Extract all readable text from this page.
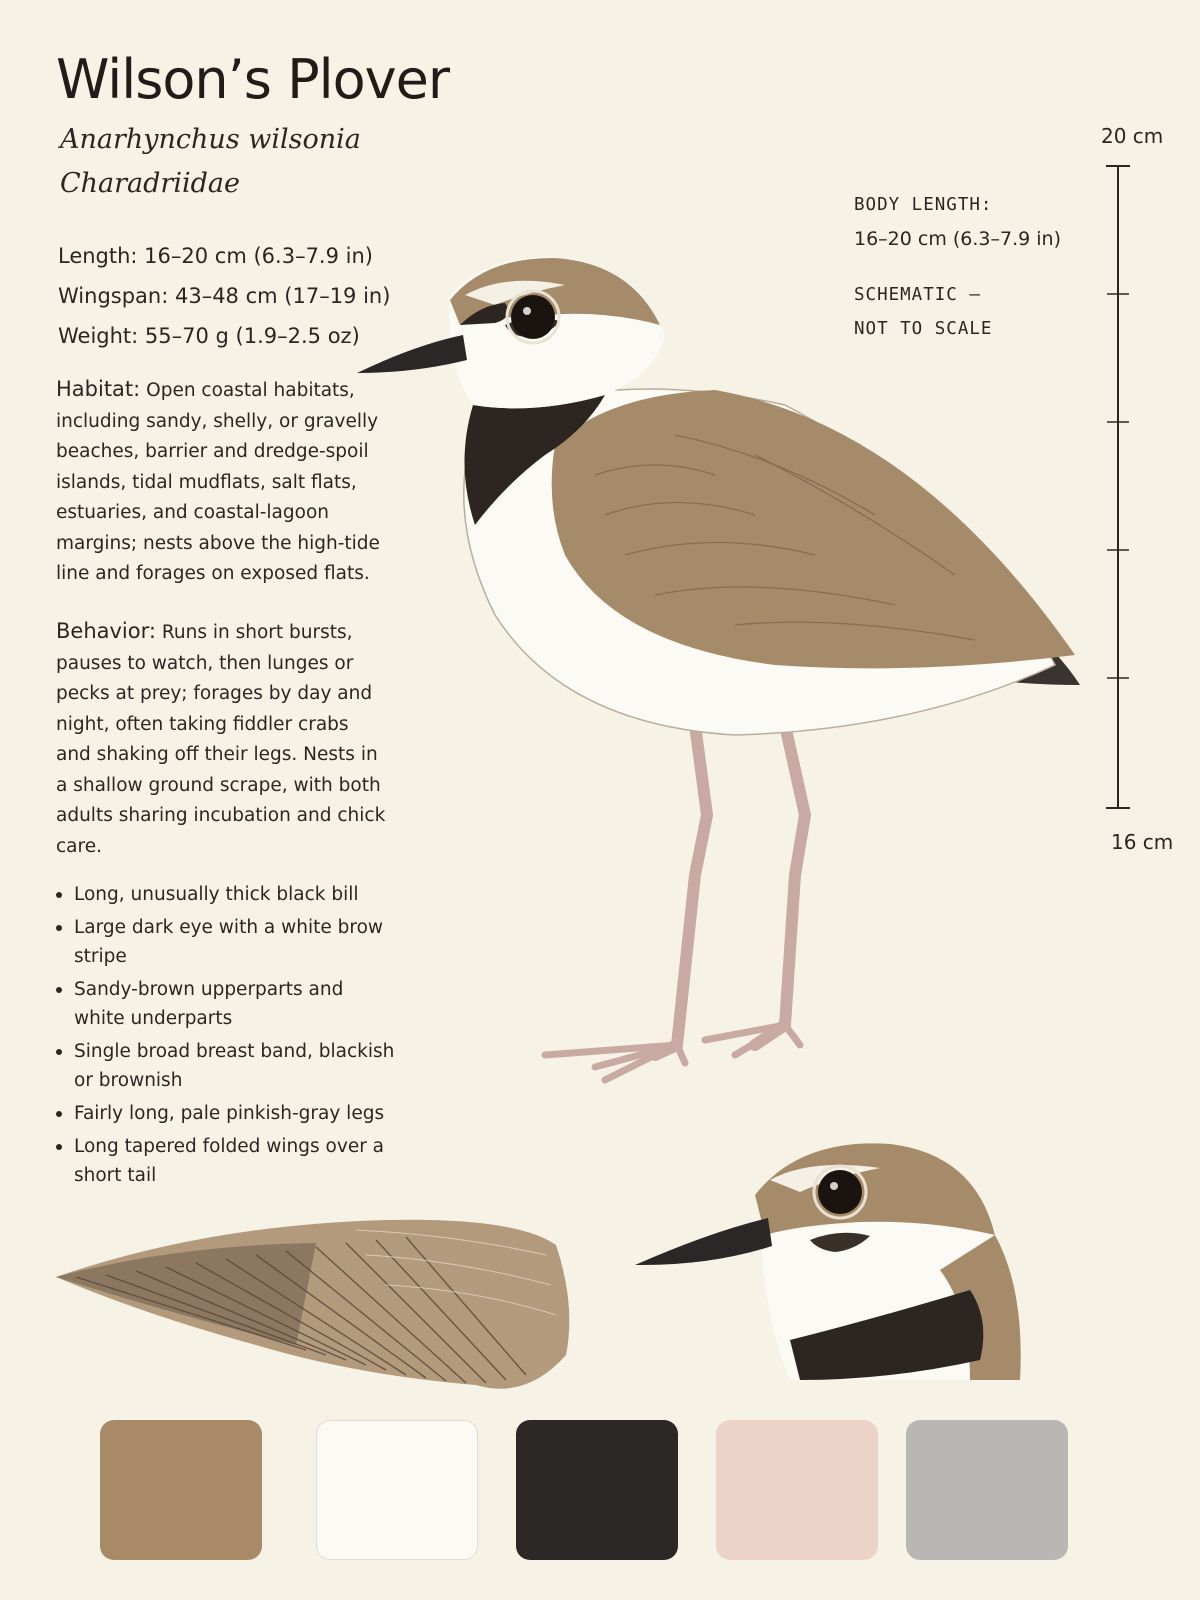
Wilson’s Plover
Anarhynchus wilsonia
Charadriidae
Length: 16–20 cm (6.3–7.9 in)
Wingspan: 43–48 cm (17–19 in)
Weight: 55–70 g (1.9–2.5 oz)
Habitat: Open coastal habitats, including sandy, shelly, or gravelly beaches, barrier and dredge-spoil islands, tidal mudflats, salt flats, estuaries, and coastal-lagoon margins; nests above the high-tide line and forages on exposed flats.
Behavior: Runs in short bursts, pauses to watch, then lunges or pecks at prey; forages by day and night, often taking fiddler crabs and shaking off their legs. Nests in a shallow ground scrape, with both adults sharing incubation and chick care.
Long, unusually thick black bill
Large dark eye with a white brow stripe
Sandy-brown upperparts and white underparts
Single broad breast band, blackish or brownish
Fairly long, pale pinkish-gray legs
Long tapered folded wings over a short tail
BODY LENGTH:
16–20 cm (6.3–7.9 in)
SCHEMATIC —
NOT TO SCALE
20 cm
16 cm
